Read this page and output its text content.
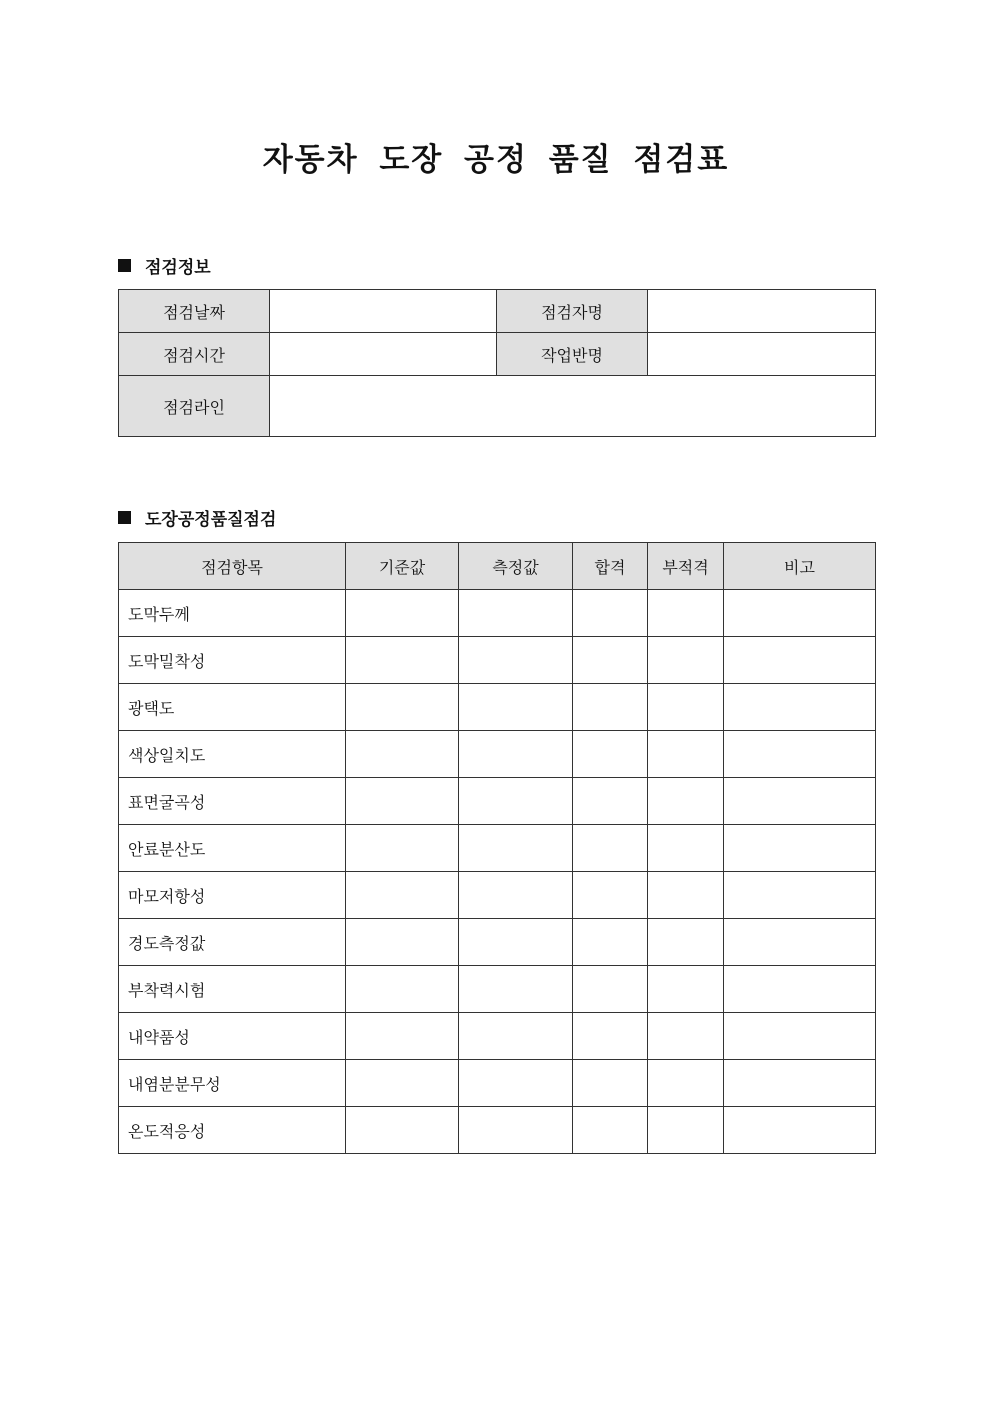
자동차 도장 공정 품질 점검표
점검정보
점검날짜		점검자명	
점검시간		작업반명	
점검라인			
도장공정품질점검
점검항목	기준값	측정값	합격	부적격	비고
도막두께					
도막밀착성					
광택도					
색상일치도					
표면굴곡성					
안료분산도					
마모저항성					
경도측정값					
부착력시험					
내약품성					
내염분분무성					
온도적응성					
